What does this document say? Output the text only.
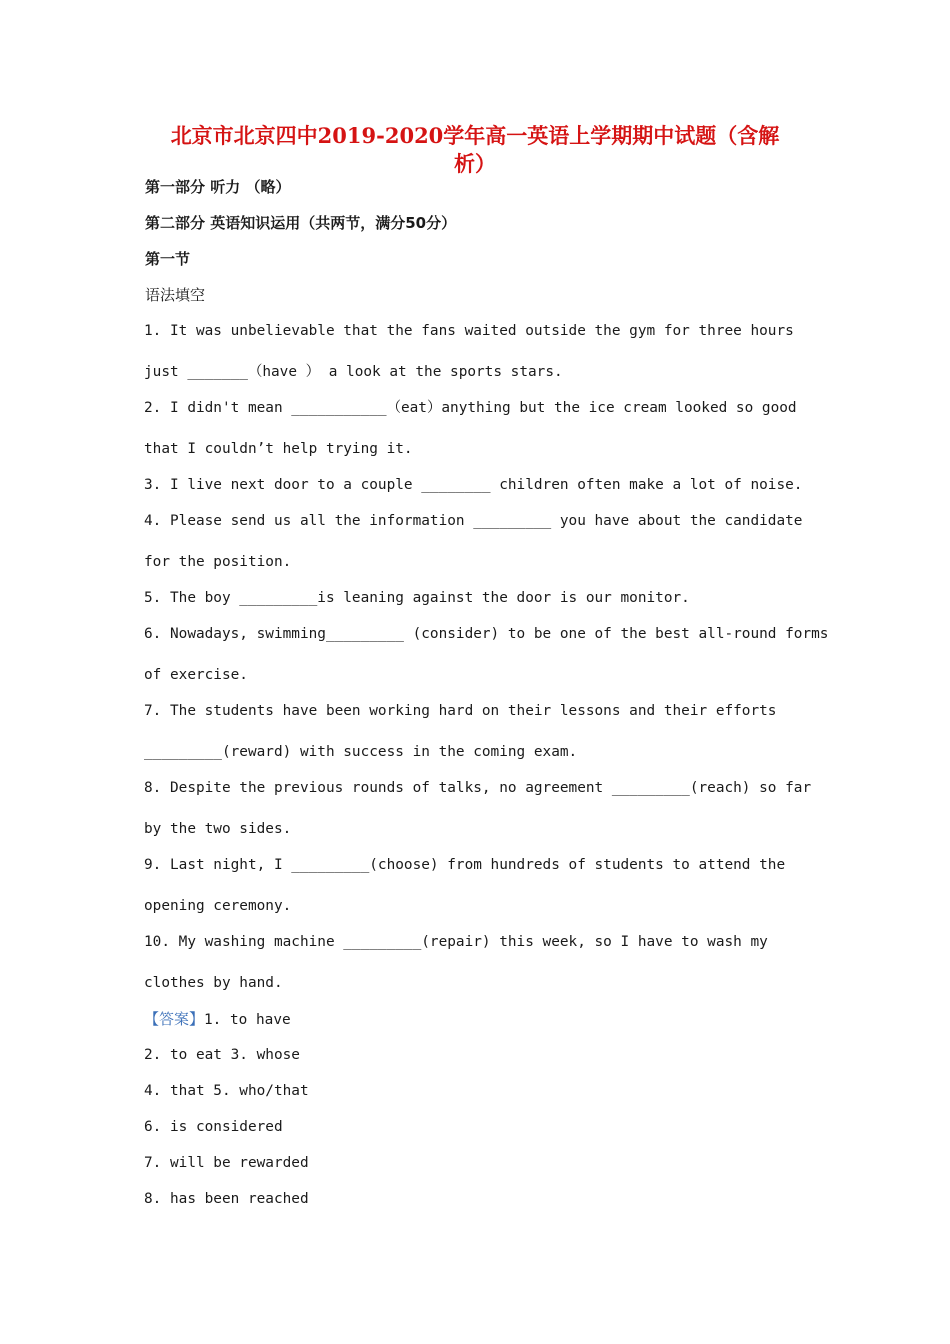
北京市北京四中2019-2020学年高一英语上学期期中试题（含解
析）
第一部分 听力 （略）
第二部分 英语知识运用（共两节，满分50分）
第一节
语法填空
1. It was unbelievable that the fans waited outside the gym for three hours
just _______（have ） a look at the sports stars.
2. I didn't mean ___________（eat）anything but the ice cream looked so good
that I couldn’t help trying it.
3. I live next door to a couple ________ children often make a lot of noise.
4. Please send us all the information _________ you have about the candidate
for the position.
5. The boy _________is leaning against the door is our monitor.
6. Nowadays, swimming_________ (consider) to be one of the best all-round forms
of exercise.
7. The students have been working hard on their lessons and their efforts
_________(reward) with success in the coming exam.
8. Despite the previous rounds of talks, no agreement _________(reach) so far
by the two sides.
9. Last night, I _________(choose) from hundreds of students to attend the
opening ceremony.
10. My washing machine _________(repair) this week, so I have to wash my
clothes by hand.
【答案】1. to have
2. to eat 3. whose
4. that 5. who/that
6. is considered
7. will be rewarded
8. has been reached
